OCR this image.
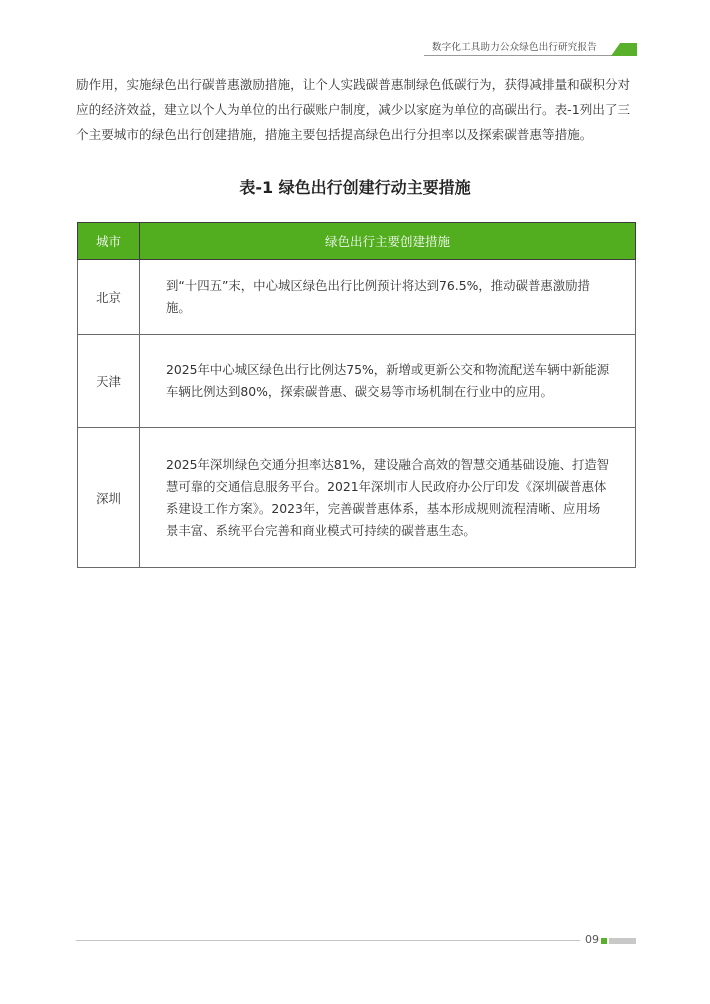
数字化工具助力公众绿色出行研究报告

励作用，实施绿色出行碳普惠激励措施，让个人实践碳普惠制绿色低碳行为，获得减排量和碳积分对应的经济效益，建立以个人为单位的出行碳账户制度，减少以家庭为单位的高碳出行。表-1列出了三个主要城市的绿色出行创建措施，措施主要包括提高绿色出行分担率以及探索碳普惠等措施。

表-1 绿色出行创建行动主要措施
城市	绿色出行主要创建措施
北京	到“十四五”末，中心城区绿色出行比例预计将达到76.5%，推动碳普惠激励措施。
天津	2025年中心城区绿色出行比例达75%，新增或更新公交和物流配送车辆中新能源车辆比例达到80%，探索碳普惠、碳交易等市场机制在行业中的应用。
深圳	2025年深圳绿色交通分担率达81%，建设融合高效的智慧交通基础设施、打造智慧可靠的交通信息服务平台。2021年深圳市人民政府办公厅印发《深圳碳普惠体系建设工作方案》。2023年，完善碳普惠体系，基本形成规则流程清晰、应用场景丰富、系统平台完善和商业模式可持续的碳普惠生态。
09
